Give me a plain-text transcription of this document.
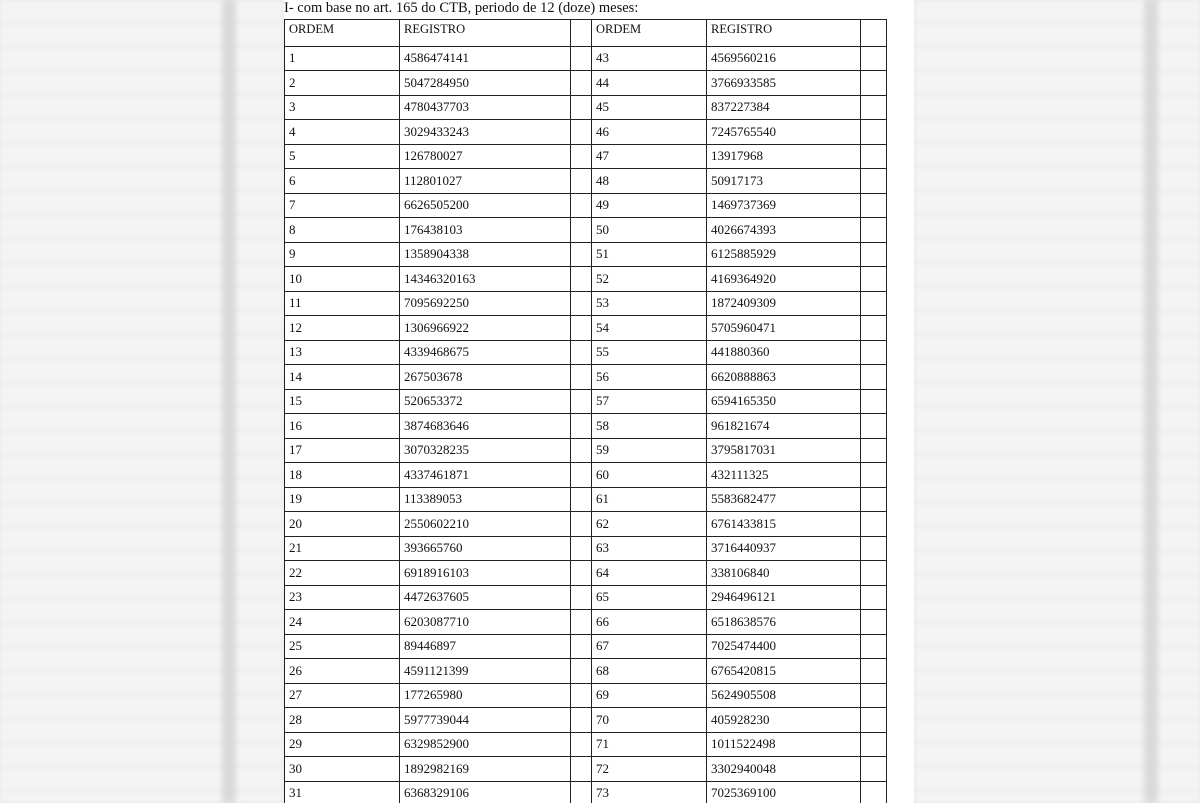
I- com base no art. 165 do CTB, periodo de 12 (doze) meses:
ORDEM	REGISTRO		ORDEM	REGISTRO	
1	4586474141		43	4569560216	
2	5047284950		44	3766933585	
3	4780437703		45	837227384	
4	3029433243		46	7245765540	
5	126780027		47	13917968	
6	112801027		48	50917173	
7	6626505200		49	1469737369	
8	176438103		50	4026674393	
9	1358904338		51	6125885929	
10	14346320163		52	4169364920	
11	7095692250		53	1872409309	
12	1306966922		54	5705960471	
13	4339468675		55	441880360	
14	267503678		56	6620888863	
15	520653372		57	6594165350	
16	3874683646		58	961821674	
17	3070328235		59	3795817031	
18	4337461871		60	432111325	
19	113389053		61	5583682477	
20	2550602210		62	6761433815	
21	393665760		63	3716440937	
22	6918916103		64	338106840	
23	4472637605		65	2946496121	
24	6203087710		66	6518638576	
25	89446897		67	7025474400	
26	4591121399		68	6765420815	
27	177265980		69	5624905508	
28	5977739044		70	405928230	
29	6329852900		71	1011522498	
30	1892982169		72	3302940048	
31	6368329106		73	7025369100	
